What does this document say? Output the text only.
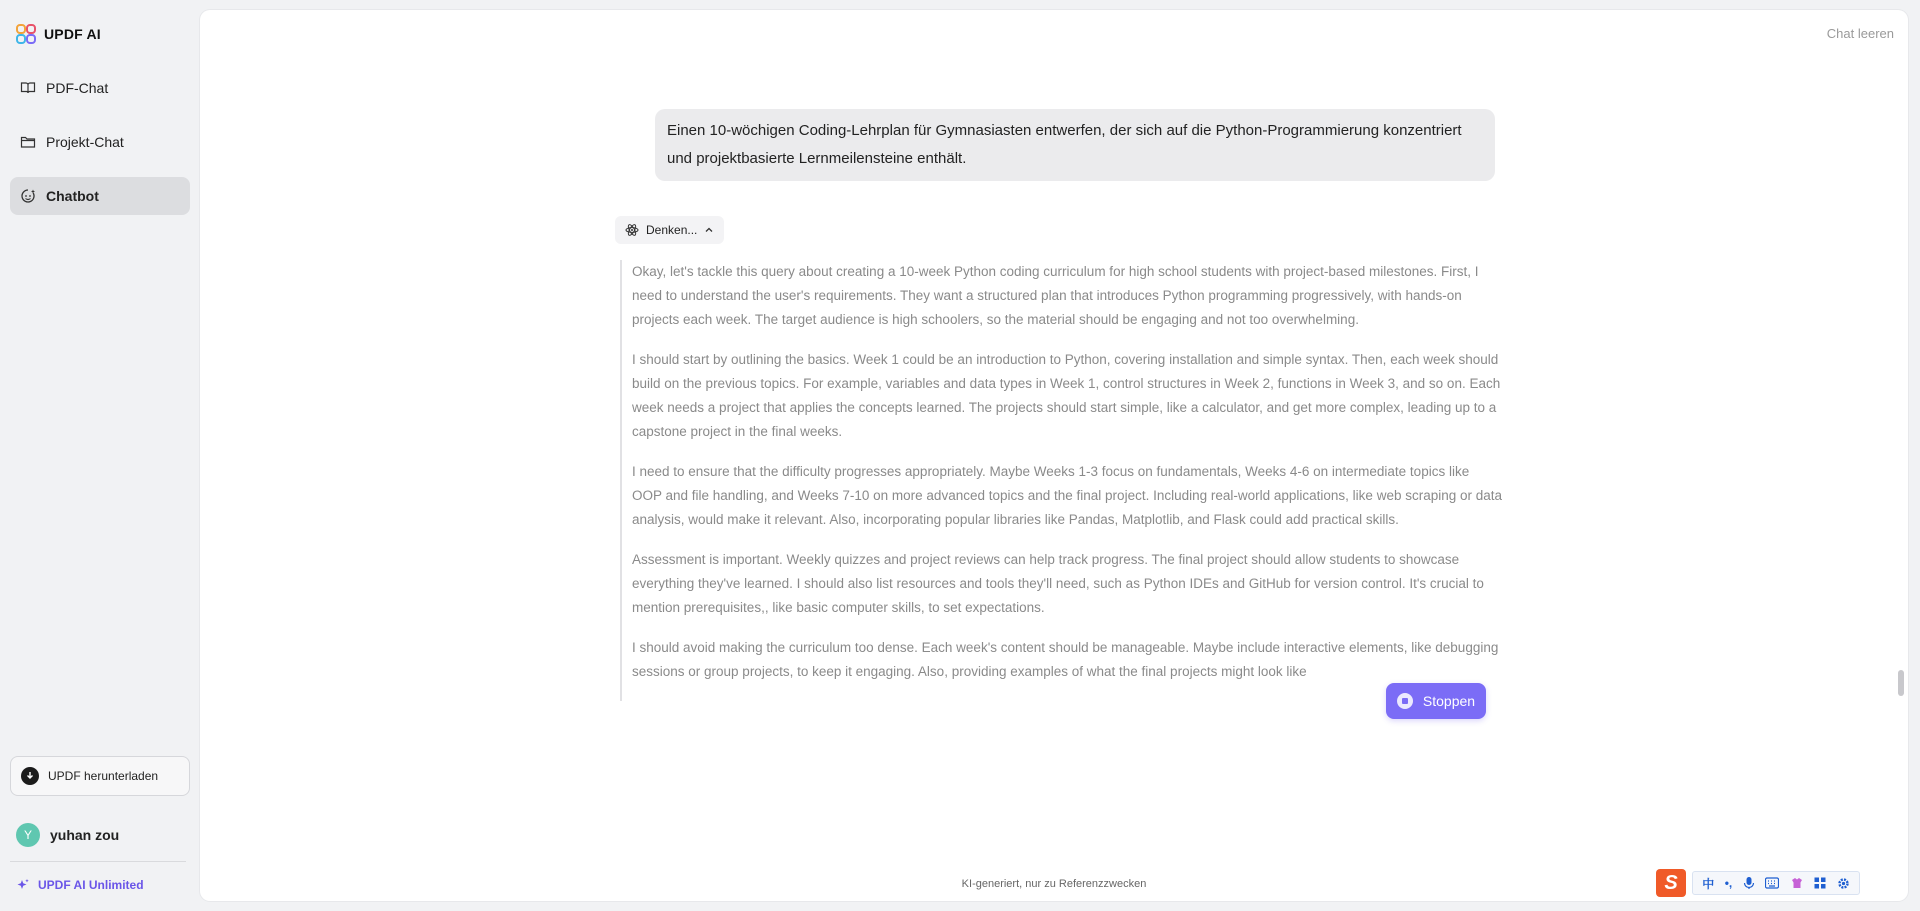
UPDF AI
PDF-Chat
Projekt-Chat
Chatbot
UPDF herunterladen
Y	yuhan zou
UPDF AI Unlimited
Chat leeren
Einen 10-wöchigen Coding-Lehrplan für Gymnasiasten entwerfen, der sich auf die Python-Programmierung konzentriert und projektbasierte Lernmeilensteine enthält.
Denken...

Okay, let's tackle this query about creating a 10-week Python coding curriculum for high school students with project-based milestones. First, I need to understand the user's requirements. They want a structured plan that introduces Python programming progressively, with hands-on projects each week. The target audience is high schoolers, so the material should be engaging and not too overwhelming.

I should start by outlining the basics. Week 1 could be an introduction to Python, covering installation and simple syntax. Then, each week should build on the previous topics. For example, variables and data types in Week 1, control structures in Week 2, functions in Week 3, and so on. Each week needs a project that applies the concepts learned. The projects should start simple, like a calculator, and get more complex, leading up to a capstone project in the final weeks.

I need to ensure that the difficulty progresses appropriately. Maybe Weeks 1-3 focus on fundamentals, Weeks 4-6 on intermediate topics like OOP and file handling, and Weeks 7-10 on more advanced topics and the final project. Including real-world applications, like web scraping or data analysis, would make it relevant. Also, incorporating popular libraries like Pandas, Matplotlib, and Flask could add practical skills.

Assessment is important. Weekly quizzes and project reviews can help track progress. The final project should allow students to showcase everything they've learned. I should also list resources and tools they'll need, such as Python IDEs and GitHub for version control. It's crucial to mention prerequisites,, like basic computer skills, to set expectations.

I should avoid making the curriculum too dense. Each week's content should be manageable. Maybe include interactive elements, like debugging sessions or group projects, to keep it engaging. Also, providing examples of what the final projects might look like

Stoppen
KI-generiert, nur zu Referenzzwecken	S	中 •,
